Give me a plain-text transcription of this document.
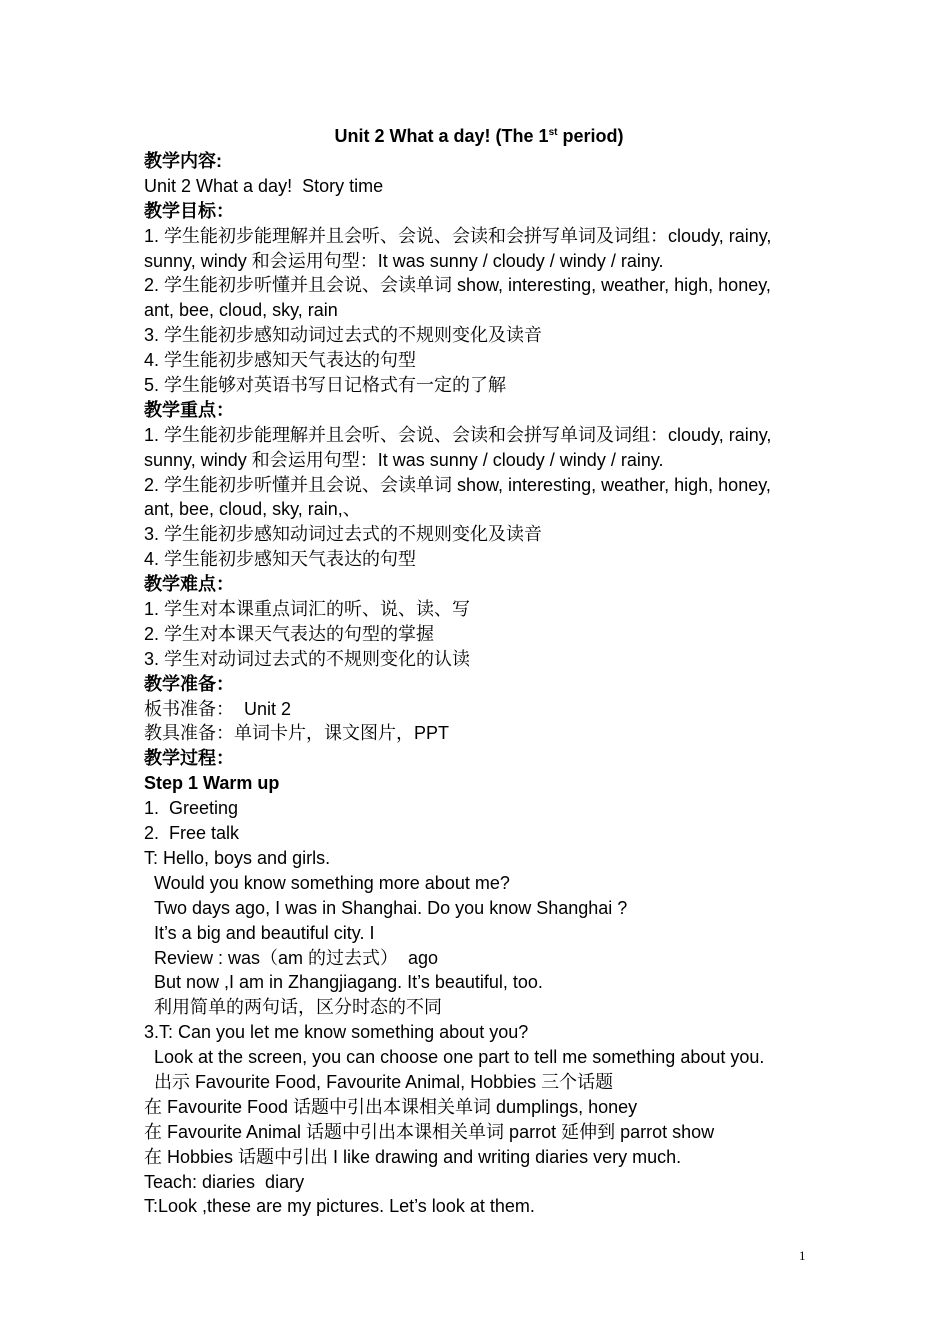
Unit 2 What a day! (The 1st period)
教学内容:
Unit 2 What a day!  Story time
教学目标：
1. 学生能初步能理解并且会听、会说、会读和会拼写单词及词组：cloudy, rainy,
sunny, windy 和会运用句型：It was sunny / cloudy / windy / rainy.
2. 学生能初步听懂并且会说、会读单词 show, interesting, weather, high, honey,
ant, bee, cloud, sky, rain
3. 学生能初步感知动词过去式的不规则变化及读音
4. 学生能初步感知天气表达的句型
5. 学生能够对英语书写日记格式有一定的了解
教学重点：
1. 学生能初步能理解并且会听、会说、会读和会拼写单词及词组：cloudy, rainy,
sunny, windy 和会运用句型：It was sunny / cloudy / windy / rainy.
2. 学生能初步听懂并且会说、会读单词 show, interesting, weather, high, honey,
ant, bee, cloud, sky, rain,、
3. 学生能初步感知动词过去式的不规则变化及读音
4. 学生能初步感知天气表达的句型
教学难点：
1. 学生对本课重点词汇的听、说、读、写
2. 学生对本课天气表达的句型的掌握
3. 学生对动词过去式的不规则变化的认读
教学准备：
板书准备：  Unit 2
教具准备：单词卡片，课文图片，PPT
教学过程：
Step 1 Warm up
1.  Greeting
2.  Free talk
T: Hello, boys and girls.
Would you know something more about me?
Two days ago, I was in Shanghai. Do you know Shanghai ?
It’s a big and beautiful city. I
Review : was（am 的过去式）  ago
But now ,I am in Zhangjiagang. It’s beautiful, too.
利用简单的两句话，区分时态的不同
3.T: Can you let me know something about you?
Look at the screen, you can choose one part to tell me something about you.
出示 Favourite Food, Favourite Animal, Hobbies 三个话题
在 Favourite Food 话题中引出本课相关单词 dumplings, honey
在 Favourite Animal 话题中引出本课相关单词 parrot 延伸到 parrot show
在 Hobbies 话题中引出 I like drawing and writing diaries very much.
Teach: diaries  diary
T:Look ,these are my pictures. Let’s look at them.
1
